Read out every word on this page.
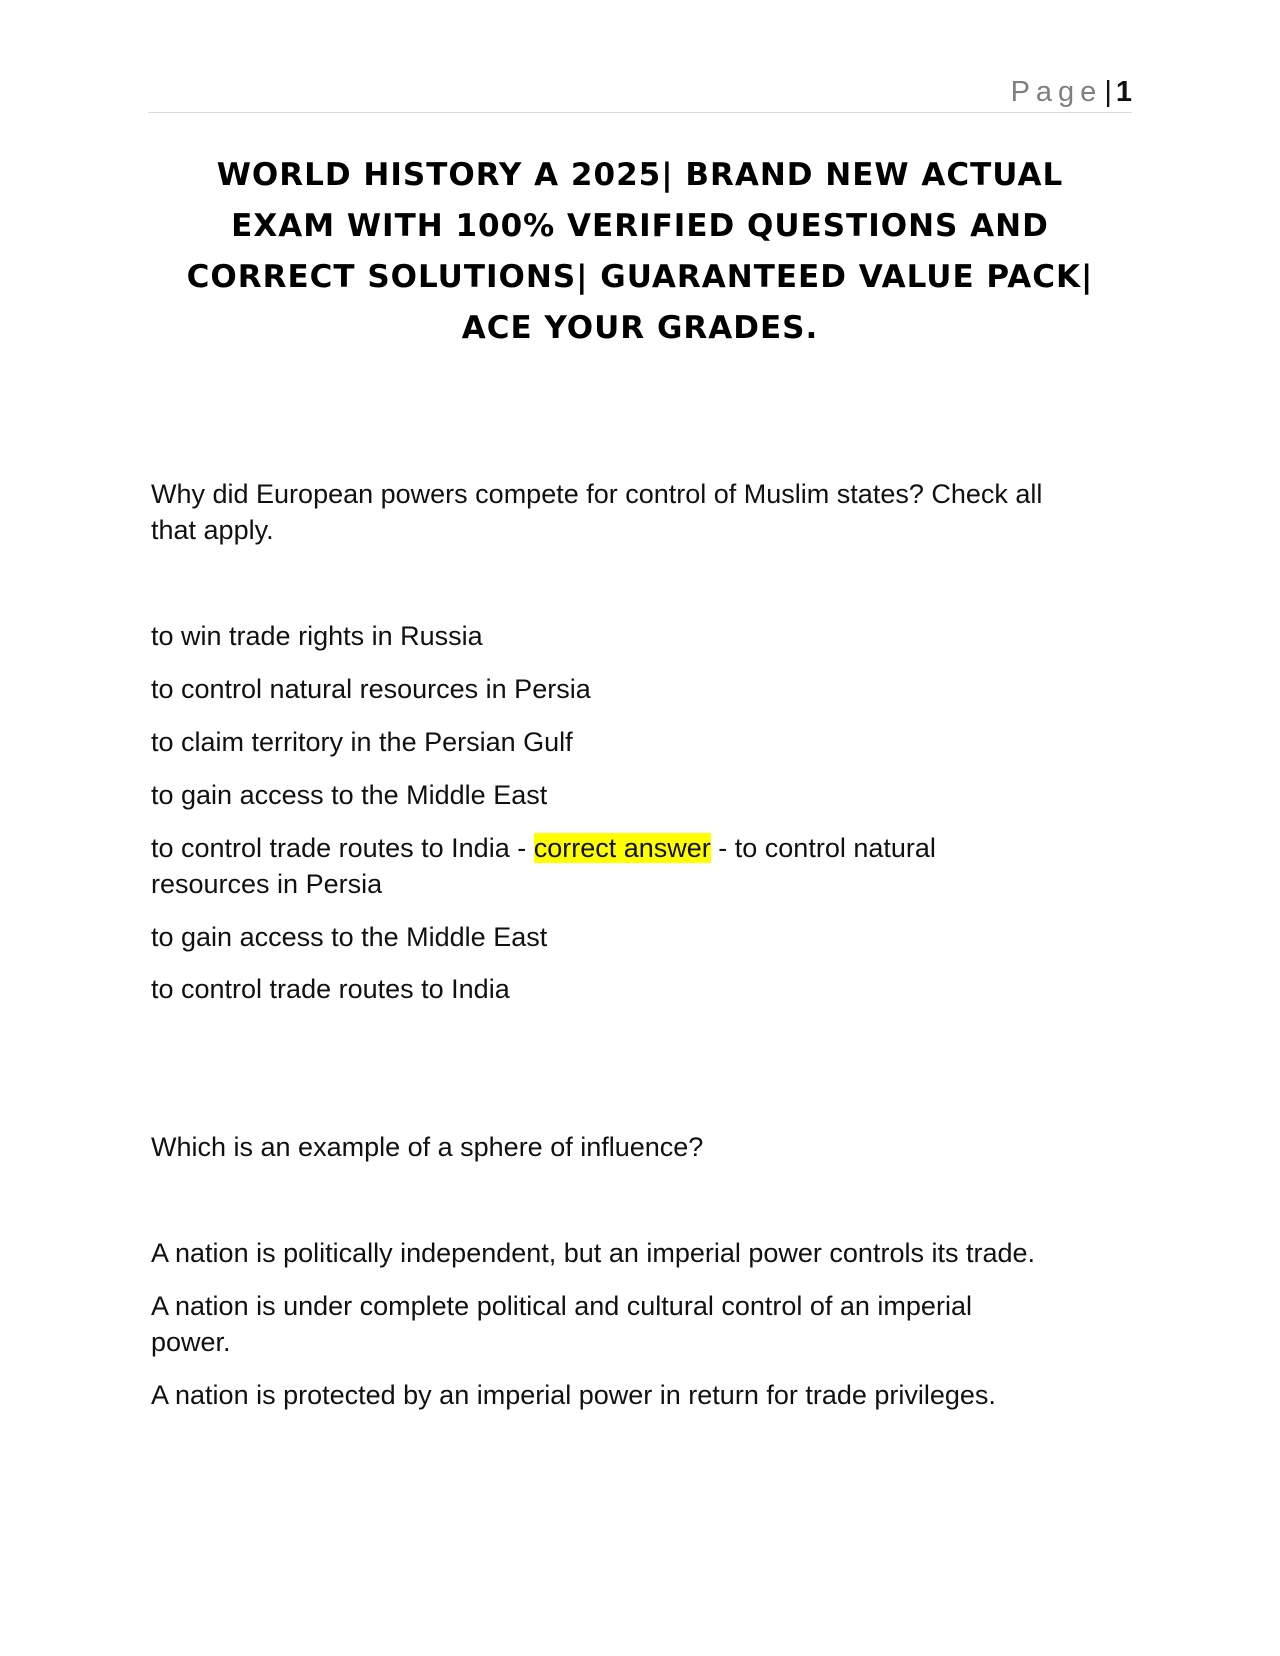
Page| 1
WORLD HISTORY A 2025| BRAND NEW ACTUAL
EXAM WITH 100% VERIFIED QUESTIONS AND
CORRECT SOLUTIONS| GUARANTEED VALUE PACK|
ACE YOUR GRADES.
Why did European powers compete for control of Muslim states? Check all
that apply.
to win trade rights in Russia
to control natural resources in Persia
to claim territory in the Persian Gulf
to gain access to the Middle East
to control trade routes to India - correct answer - to control natural
resources in Persia
to gain access to the Middle East
to control trade routes to India
Which is an example of a sphere of influence?
A nation is politically independent, but an imperial power controls its trade.
A nation is under complete political and cultural control of an imperial
power.
A nation is protected by an imperial power in return for trade privileges.
